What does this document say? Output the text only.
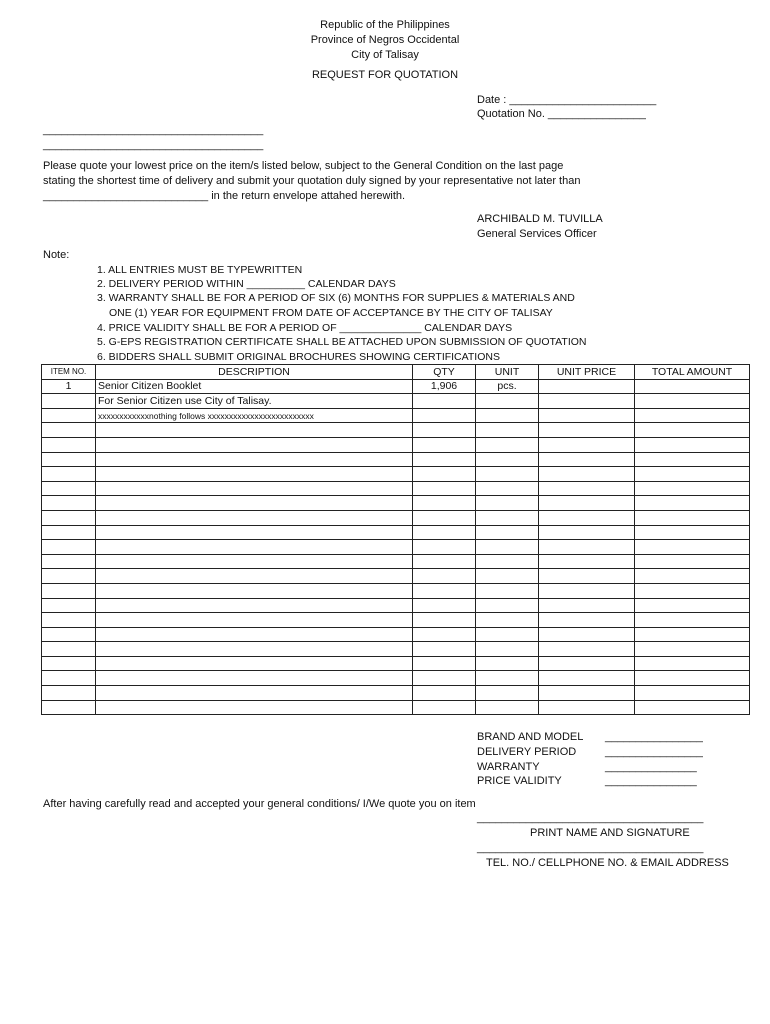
Republic of the Philippines
Province of Negros Occidental
City of Talisay
REQUEST FOR QUOTATION
Date : ________________________
Quotation No. ________________
____________________________________
____________________________________
Please quote your lowest price on the item/s listed below, subject to the General Condition on the last page
stating the shortest time of delivery and submit your quotation duly signed by your representative not later than
___________________________ in the return envelope attahed herewith.
ARCHIBALD M. TUVILLA
General Services Officer
Note:
1. ALL ENTRIES MUST BE TYPEWRITTEN
2. DELIVERY PERIOD WITHIN __________ CALENDAR DAYS
3. WARRANTY SHALL BE FOR A PERIOD OF SIX (6) MONTHS FOR SUPPLIES & MATERIALS AND
ONE (1) YEAR FOR EQUIPMENT FROM DATE OF ACCEPTANCE BY THE CITY OF TALISAY
4. PRICE VALIDITY SHALL BE FOR A PERIOD OF ______________ CALENDAR DAYS
5. G-EPS REGISTRATION CERTIFICATE SHALL BE ATTACHED UPON SUBMISSION OF QUOTATION
6. BIDDERS SHALL SUBMIT ORIGINAL BROCHURES SHOWING CERTIFICATIONS
ITEM NO.	DESCRIPTION	QTY	UNIT	UNIT PRICE	TOTAL AMOUNT
1	Senior Citizen Booklet	1,906	pcs.		
	For Senior Citizen use City of Talisay.				
	xxxxxxxxxxxxnothing follows xxxxxxxxxxxxxxxxxxxxxxxxx				

BRAND AND MODEL ________________
DELIVERY PERIOD	________________
WARRANTY	_______________
PRICE VALIDITY	_______________
After having carefully read and accepted your general conditions/ I/We quote you on item
_____________________________________
PRINT NAME AND SIGNATURE
_____________________________________
TEL. NO./ CELLPHONE NO. & EMAIL ADDRESS
